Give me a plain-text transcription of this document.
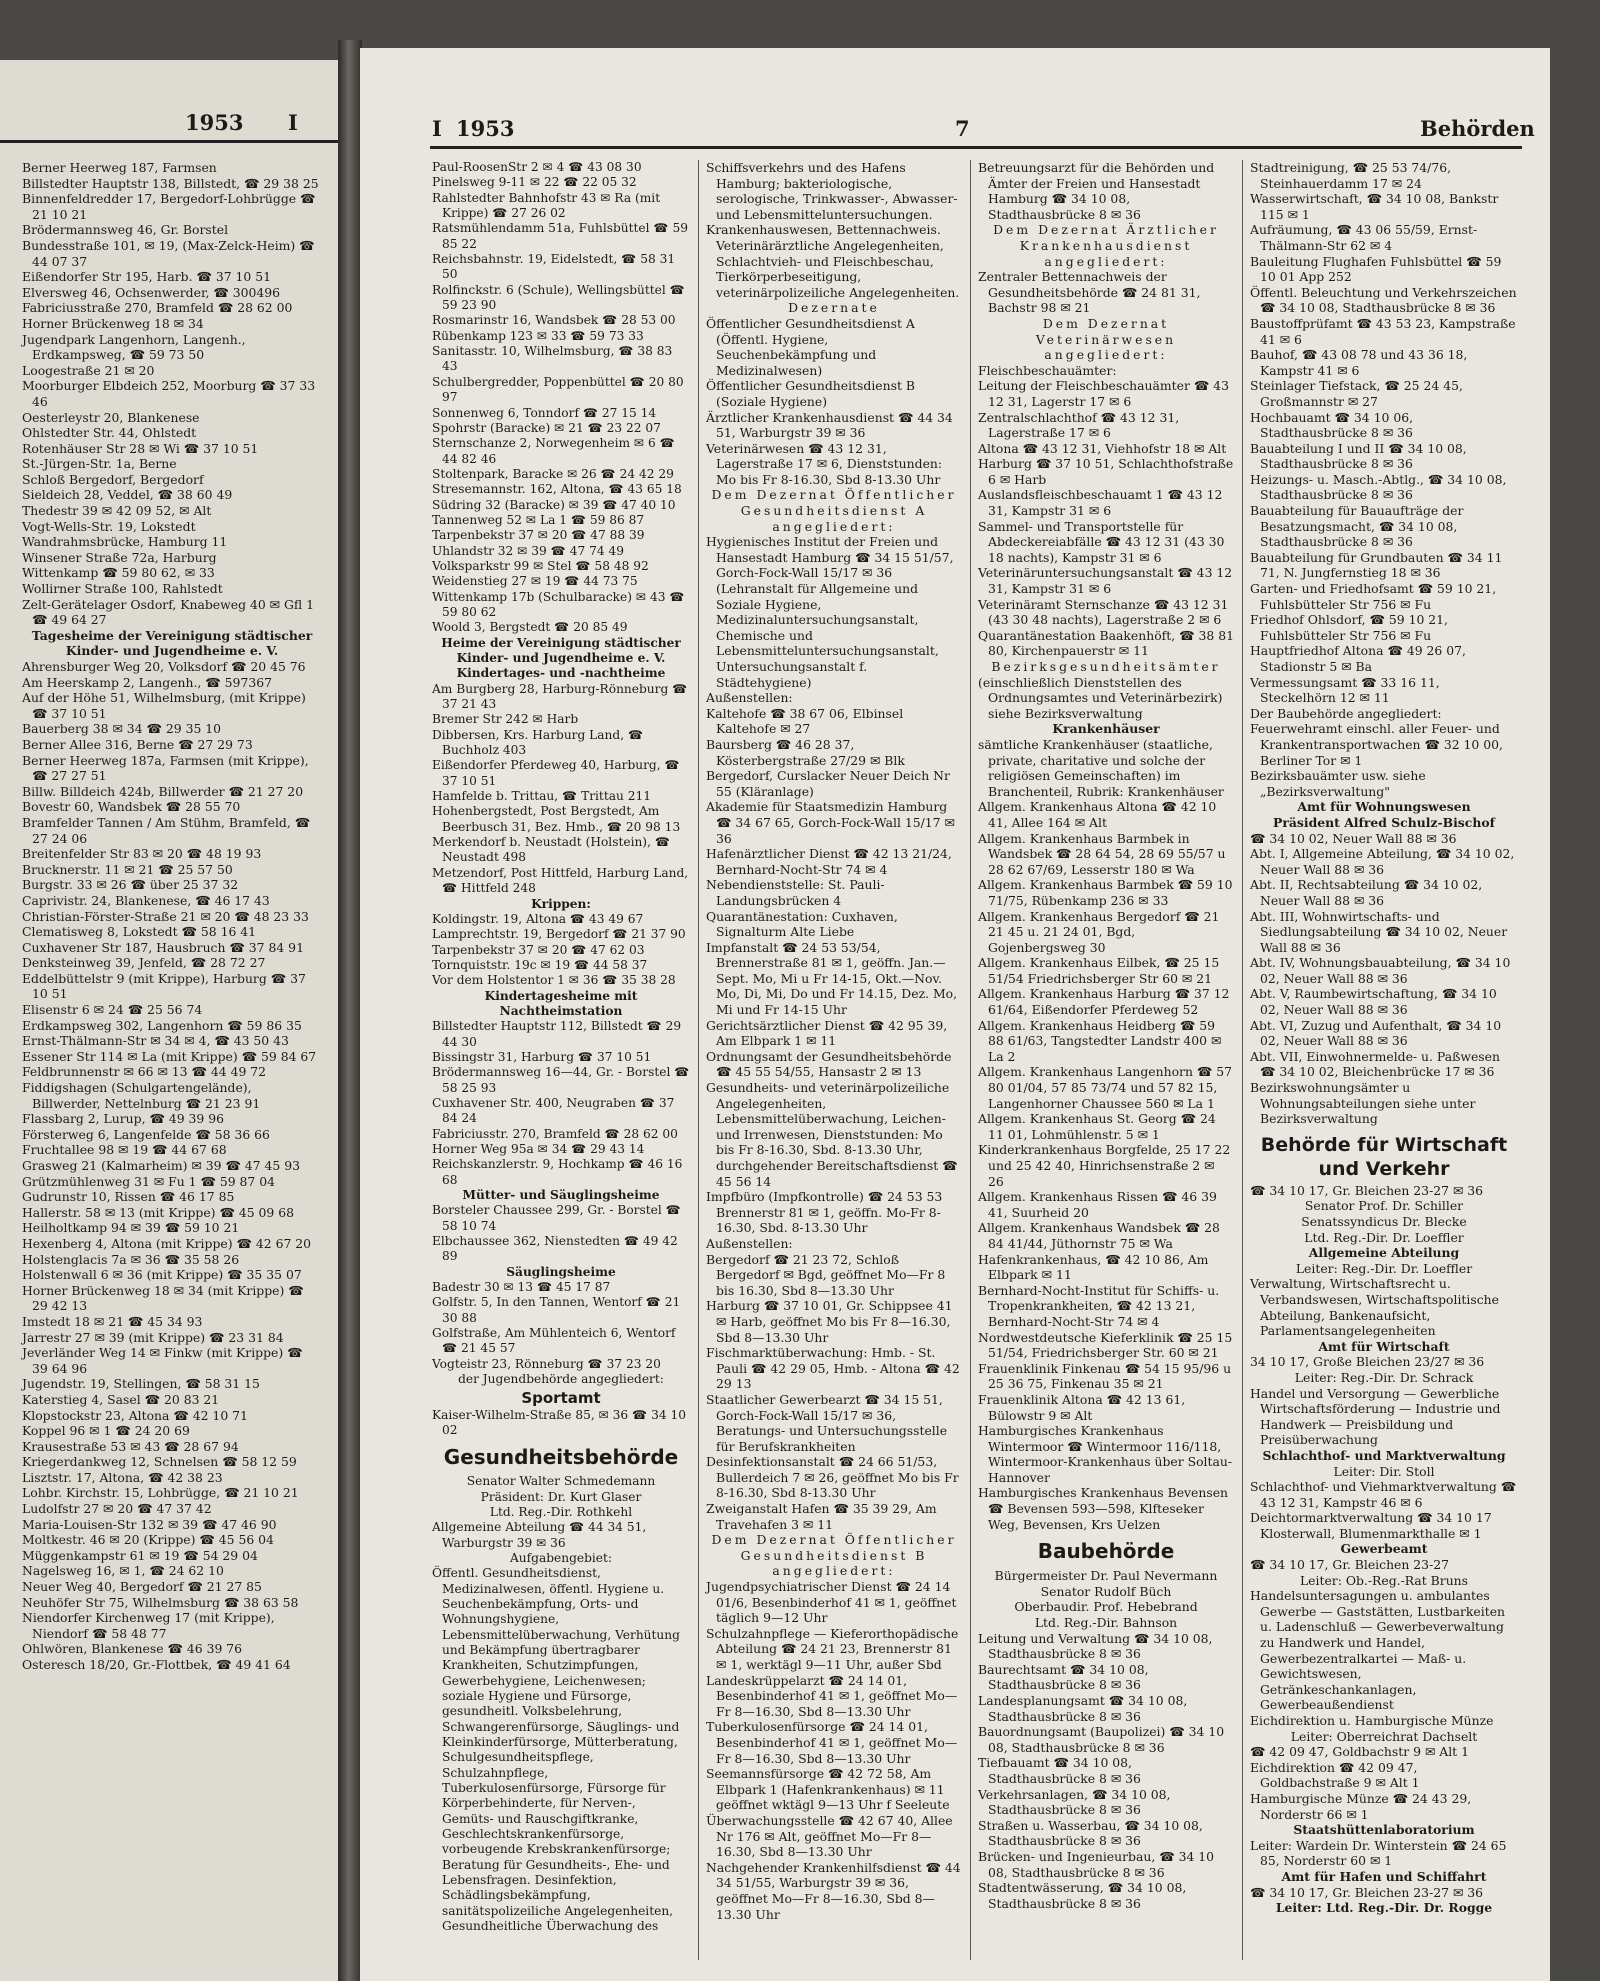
1953 I

Berner Heerweg 187, Farmsen

Billstedter Hauptstr 138, Billstedt, ☎ 29 38 25

Binnenfeldredder 17, Bergedorf-Lohbrügge ☎ 21 10 21

Brödermannsweg 46, Gr. Borstel

Bundesstraße 101, ✉ 19, (Max-Zelck-Heim) ☎ 44 07 37

Eißendorfer Str 195, Harb. ☎ 37 10 51

Elversweg 46, Ochsenwerder, ☎ 300496

Fabriciusstraße 270, Bramfeld ☎ 28 62 00

Horner Brückenweg 18 ✉ 34

Jugendpark Langenhorn, Langenh., Erdkampsweg, ☎ 59 73 50

Loogestraße 21 ✉ 20

Moorburger Elbdeich 252, Moorburg ☎ 37 33 46

Oesterleystr 20, Blankenese

Ohlstedter Str. 44, Ohlstedt

Rotenhäuser Str 28 ✉ Wi ☎ 37 10 51

St.-Jürgen-Str. 1a, Berne

Schloß Bergedorf, Bergedorf

Sieldeich 28, Veddel, ☎ 38 60 49

Thedestr 39 ✉ 42 09 52, ✉ Alt

Vogt-Wells-Str. 19, Lokstedt

Wandrahmsbrücke, Hamburg 11

Winsener Straße 72a, Harburg

Wittenkamp ☎ 59 80 62, ✉ 33

Wollirner Straße 100, Rahlstedt

Zelt-Gerätelager Osdorf, Knabeweg 40 ✉ Gfl 1 ☎ 49 64 27

Tagesheime der Vereinigung städtischer Kinder- und Jugendheime e. V.

Ahrensburger Weg 20, Volksdorf ☎ 20 45 76

Am Heerskamp 2, Langenh., ☎ 597367

Auf der Höhe 51, Wilhelmsburg, (mit Krippe) ☎ 37 10 51

Bauerberg 38 ✉ 34 ☎ 29 35 10

Berner Allee 316, Berne ☎ 27 29 73

Berner Heerweg 187a, Farmsen (mit Krippe), ☎ 27 27 51

Billw. Billdeich 424b, Billwerder ☎ 21 27 20

Bovestr 60, Wandsbek ☎ 28 55 70

Bramfelder Tannen / Am Stühm, Bramfeld, ☎ 27 24 06

Breitenfelder Str 83 ✉ 20 ☎ 48 19 93

Brucknerstr. 11 ✉ 21 ☎ 25 57 50

Burgstr. 33 ✉ 26 ☎ über 25 37 32

Caprivistr. 24, Blankenese, ☎ 46 17 43

Christian-Förster-Straße 21 ✉ 20 ☎ 48 23 33

Clematisweg 8, Lokstedt ☎ 58 16 41

Cuxhavener Str 187, Hausbruch ☎ 37 84 91

Denksteinweg 39, Jenfeld, ☎ 28 72 27

Eddelbüttelstr 9 (mit Krippe), Harburg ☎ 37 10 51

Elisenstr 6 ✉ 24 ☎ 25 56 74

Erdkampsweg 302, Langenhorn ☎ 59 86 35

Ernst-Thälmann-Str ✉ 34 ✉ 4, ☎ 43 50 43

Essener Str 114 ✉ La (mit Krippe) ☎ 59 84 67

Feldbrunnenstr ✉ 66 ✉ 13 ☎ 44 49 72

Fiddigshagen (Schulgartengelände), Billwerder, Nettelnburg ☎ 21 23 91

Flassbarg 2, Lurup, ☎ 49 39 96

Försterweg 6, Langenfelde ☎ 58 36 66

Fruchtallee 98 ✉ 19 ☎ 44 67 68

Grasweg 21 (Kalmarheim) ✉ 39 ☎ 47 45 93

Grützmühlenweg 31 ✉ Fu 1 ☎ 59 87 04

Gudrunstr 10, Rissen ☎ 46 17 85

Hallerstr. 58 ✉ 13 (mit Krippe) ☎ 45 09 68

Heilholtkamp 94 ✉ 39 ☎ 59 10 21

Hexenberg 4, Altona (mit Krippe) ☎ 42 67 20

Holstenglacis 7a ✉ 36 ☎ 35 58 26

Holstenwall 6 ✉ 36 (mit Krippe) ☎ 35 35 07

Horner Brückenweg 18 ✉ 34 (mit Krippe) ☎ 29 42 13

Imstedt 18 ✉ 21 ☎ 45 34 93

Jarrestr 27 ✉ 39 (mit Krippe) ☎ 23 31 84

Jeverländer Weg 14 ✉ Finkw (mit Krippe) ☎ 39 64 96

Jugendstr. 19, Stellingen, ☎ 58 31 15

Katerstieg 4, Sasel ☎ 20 83 21

Klopstockstr 23, Altona ☎ 42 10 71

Koppel 96 ✉ 1 ☎ 24 20 69

Krausestraße 53 ✉ 43 ☎ 28 67 94

Kriegerdankweg 12, Schnelsen ☎ 58 12 59

Lisztstr. 17, Altona, ☎ 42 38 23

Lohbr. Kirchstr. 15, Lohbrügge, ☎ 21 10 21

Ludolfstr 27 ✉ 20 ☎ 47 37 42

Maria-Louisen-Str 132 ✉ 39 ☎ 47 46 90

Moltkestr. 46 ✉ 20 (Krippe) ☎ 45 56 04

Müggenkampstr 61 ✉ 19 ☎ 54 29 04

Nagelsweg 16, ✉ 1, ☎ 24 62 10

Neuer Weg 40, Bergedorf ☎ 21 27 85

Neuhöfer Str 75, Wilhelmsburg ☎ 38 63 58

Niendorfer Kirchenweg 17 (mit Krippe), Niendorf ☎ 58 48 77

Ohlwören, Blankenese ☎ 46 39 76

Osteresch 18/20, Gr.-Flottbek, ☎ 49 41 64

I 1953	7	Behörden

Paul-RoosenStr 2 ✉ 4 ☎ 43 08 30

Pinelsweg 9-11 ✉ 22 ☎ 22 05 32

Rahlstedter Bahnhofstr 43 ✉ Ra (mit Krippe) ☎ 27 26 02

Ratsmühlendamm 51a, Fuhlsbüttel ☎ 59 85 22

Reichsbahnstr. 19, Eidelstedt, ☎ 58 31 50

Rolfinckstr. 6 (Schule), Wellingsbüttel ☎ 59 23 90

Rosmarinstr 16, Wandsbek ☎ 28 53 00

Rübenkamp 123 ✉ 33 ☎ 59 73 33

Sanitasstr. 10, Wilhelmsburg, ☎ 38 83 43

Schulbergredder, Poppenbüttel ☎ 20 80 97

Sonnenweg 6, Tonndorf ☎ 27 15 14

Spohrstr (Baracke) ✉ 21 ☎ 23 22 07

Sternschanze 2, Norwegenheim ✉ 6 ☎ 44 82 46

Stoltenpark, Baracke ✉ 26 ☎ 24 42 29

Stresemannstr. 162, Altona, ☎ 43 65 18

Südring 32 (Baracke) ✉ 39 ☎ 47 40 10

Tannenweg 52 ✉ La 1 ☎ 59 86 87

Tarpenbekstr 37 ✉ 20 ☎ 47 88 39

Uhlandstr 32 ✉ 39 ☎ 47 74 49

Volksparkstr 99 ✉ Stel ☎ 58 48 92

Weidenstieg 27 ✉ 19 ☎ 44 73 75

Wittenkamp 17b (Schulbaracke) ✉ 43 ☎ 59 80 62

Woold 3, Bergstedt ☎ 20 85 49

Heime der Vereinigung städtischer Kinder- und Jugendheime e. V. Kindertages- und -nachtheime

Am Burgberg 28, Harburg-Rönneburg ☎ 37 21 43

Bremer Str 242 ✉ Harb

Dibbersen, Krs. Harburg Land, ☎ Buchholz 403

Eißendorfer Pferdeweg 40, Harburg, ☎ 37 10 51

Hamfelde b. Trittau, ☎ Trittau 211

Hohenbergstedt, Post Bergstedt, Am Beerbusch 31, Bez. Hmb., ☎ 20 98 13

Merkendorf b. Neustadt (Holstein), ☎ Neustadt 498

Metzendorf, Post Hittfeld, Harburg Land, ☎ Hittfeld 248

Krippen:

Koldingstr. 19, Altona ☎ 43 49 67

Lamprechtstr. 19, Bergedorf ☎ 21 37 90

Tarpenbekstr 37 ✉ 20 ☎ 47 62 03

Tornquiststr. 19c ✉ 19 ☎ 44 58 37

Vor dem Holstentor 1 ✉ 36 ☎ 35 38 28

Kindertagesheime mit Nachtheimstation

Billstedter Hauptstr 112, Billstedt ☎ 29 44 30

Bissingstr 31, Harburg ☎ 37 10 51

Brödermannsweg 16—44, Gr. - Borstel ☎ 58 25 93

Cuxhavener Str. 400, Neugraben ☎ 37 84 24

Fabriciusstr. 270, Bramfeld ☎ 28 62 00

Horner Weg 95a ✉ 34 ☎ 29 43 14

Reichskanzlerstr. 9, Hochkamp ☎ 46 16 68

Mütter- und Säuglingsheime

Borsteler Chaussee 299, Gr. - Borstel ☎ 58 10 74

Elbchaussee 362, Nienstedten ☎ 49 42 89

Säuglingsheime

Badestr 30 ✉ 13 ☎ 45 17 87

Golfstr. 5, In den Tannen, Wentorf ☎ 21 30 88

Golfstraße, Am Mühlenteich 6, Wentorf ☎ 21 45 57

Vogteistr 23, Rönneburg ☎ 37 23 20

der Jugendbehörde angegliedert:

Sportamt

Kaiser-Wilhelm-Straße 85, ✉ 36 ☎ 34 10 02

Gesundheitsbehörde

Senator Walter Schmedemann

Präsident: Dr. Kurt Glaser

Ltd. Reg.-Dir. Rothkehl

Allgemeine Abteilung ☎ 44 34 51, Warburgstr 39 ✉ 36

Aufgabengebiet:

Öffentl. Gesundheitsdienst, Medizinalwesen, öffentl. Hygiene u. Seuchenbekämpfung, Orts- und Wohnungshygiene, Lebensmittelüberwachung, Verhütung und Bekämpfung übertragbarer Krankheiten, Schutzimpfungen, Gewerbehygiene, Leichenwesen; soziale Hygiene und Fürsorge, gesundheitl. Volksbelehrung, Schwangerenfürsorge, Säuglings- und Kleinkinderfürsorge, Mütterberatung, Schulgesundheitspflege, Schulzahnpflege, Tuberkulosenfürsorge, Fürsorge für Körperbehinderte, für Nerven-, Gemüts- und Rauschgiftkranke, Geschlechtskrankenfürsorge, vorbeugende Krebskrankenfürsorge; Beratung für Gesundheits-, Ehe- und Lebensfragen. Desinfektion, Schädlingsbekämpfung, sanitätspolizeiliche Angelegenheiten, Gesundheitliche Überwachung des

Schiffsverkehrs und des Hafens Hamburg; bakteriologische, serologische, Trinkwasser-, Abwasser- und Lebensmitteluntersuchungen.

Krankenhauswesen, Bettennachweis. Veterinärärztliche Angelegenheiten, Schlachtvieh- und Fleischbeschau, Tierkörperbeseitigung, veterinärpolizeiliche Angelegenheiten.

Dezernate

Öffentlicher Gesundheitsdienst A (Öffentl. Hygiene, Seuchenbekämpfung und Medizinalwesen)

Öffentlicher Gesundheitsdienst B (Soziale Hygiene)

Ärztlicher Krankenhausdienst ☎ 44 34 51, Warburgstr 39 ✉ 36

Veterinärwesen ☎ 43 12 31, Lagerstraße 17 ✉ 6, Dienststunden: Mo bis Fr 8-16.30, Sbd 8-13.30 Uhr

Dem Dezernat Öffentlicher Gesundheitsdienst A angegliedert:

Hygienisches Institut der Freien und Hansestadt Hamburg ☎ 34 15 51/57, Gorch-Fock-Wall 15/17 ✉ 36 (Lehranstalt für Allgemeine und Soziale Hygiene, Medizinaluntersuchungsanstalt, Chemische und Lebensmitteluntersuchungsanstalt, Untersuchungsanstalt f. Städtehygiene)

Außenstellen:

Kaltehofe ☎ 38 67 06, Elbinsel Kaltehofe ✉ 27

Baursberg ☎ 46 28 37, Kösterbergstraße 27/29 ✉ Blk

Bergedorf, Curslacker Neuer Deich Nr 55 (Kläranlage)

Akademie für Staatsmedizin Hamburg ☎ 34 67 65, Gorch-Fock-Wall 15/17 ✉ 36

Hafenärztlicher Dienst ☎ 42 13 21/24, Bernhard-Nocht-Str 74 ✉ 4

Nebendienststelle: St. Pauli-Landungsbrücken 4

Quarantänestation: Cuxhaven, Signalturm Alte Liebe

Impfanstalt ☎ 24 53 53/54, Brennerstraße 81 ✉ 1, geöffn. Jan.—Sept. Mo, Mi u Fr 14-15, Okt.—Nov. Mo, Di, Mi, Do und Fr 14.15, Dez. Mo, Mi und Fr 14-15 Uhr

Gerichtsärztlicher Dienst ☎ 42 95 39, Am Elbpark 1 ✉ 11

Ordnungsamt der Gesundheitsbehörde ☎ 45 55 54/55, Hansastr 2 ✉ 13

Gesundheits- und veterinärpolizeiliche Angelegenheiten, Lebensmittelüberwachung, Leichen- und Irrenwesen, Dienststunden: Mo bis Fr 8-16.30, Sbd. 8-13.30 Uhr, durchgehender Bereitschaftsdienst ☎ 45 56 14

Impfbüro (Impfkontrolle) ☎ 24 53 53 Brennerstr 81 ✉ 1, geöffn. Mo-Fr 8-16.30, Sbd. 8-13.30 Uhr

Außenstellen:

Bergedorf ☎ 21 23 72, Schloß Bergedorf ✉ Bgd, geöffnet Mo—Fr 8 bis 16.30, Sbd 8—13.30 Uhr

Harburg ☎ 37 10 01, Gr. Schippsee 41 ✉ Harb, geöffnet Mo bis Fr 8—16.30, Sbd 8—13.30 Uhr

Fischmarktüberwachung: Hmb. - St. Pauli ☎ 42 29 05, Hmb. - Altona ☎ 42 29 13

Staatlicher Gewerbearzt ☎ 34 15 51, Gorch-Fock-Wall 15/17 ✉ 36, Beratungs- und Untersuchungsstelle für Berufskrankheiten

Desinfektionsanstalt ☎ 24 66 51/53, Bullerdeich 7 ✉ 26, geöffnet Mo bis Fr 8-16.30, Sbd 8-13.30 Uhr

Zweiganstalt Hafen ☎ 35 39 29, Am Travehafen 3 ✉ 11

Dem Dezernat Öffentlicher Gesundheitsdienst B angegliedert:

Jugendpsychiatrischer Dienst ☎ 24 14 01/6, Besenbinderhof 41 ✉ 1, geöffnet täglich 9—12 Uhr

Schulzahnpflege — Kieferorthopädische Abteilung ☎ 24 21 23, Brennerstr 81 ✉ 1, werktägl 9—11 Uhr, außer Sbd

Landeskrüppelarzt ☎ 24 14 01, Besenbinderhof 41 ✉ 1, geöffnet Mo—Fr 8—16.30, Sbd 8—13.30 Uhr

Tuberkulosenfürsorge ☎ 24 14 01, Besenbinderhof 41 ✉ 1, geöffnet Mo—Fr 8—16.30, Sbd 8—13.30 Uhr

Seemannsfürsorge ☎ 42 72 58, Am Elbpark 1 (Hafenkrankenhaus) ✉ 11 geöffnet wktägl 9—13 Uhr f Seeleute

Überwachungsstelle ☎ 42 67 40, Allee Nr 176 ✉ Alt, geöffnet Mo—Fr 8—16.30, Sbd 8—13.30 Uhr

Nachgehender Krankenhilfsdienst ☎ 44 34 51/55, Warburgstr 39 ✉ 36, geöffnet Mo—Fr 8—16.30, Sbd 8—13.30 Uhr

Betreuungsarzt für die Behörden und Ämter der Freien und Hansestadt Hamburg ☎ 34 10 08, Stadthausbrücke 8 ✉ 36

Dem Dezernat Ärztlicher Krankenhausdienst angegliedert:

Zentraler Bettennachweis der Gesundheitsbehörde ☎ 24 81 31, Bachstr 98 ✉ 21

Dem Dezernat Veterinärwesen angegliedert:

Fleischbeschauämter:

Leitung der Fleischbeschauämter ☎ 43 12 31, Lagerstr 17 ✉ 6

Zentralschlachthof ☎ 43 12 31, Lagerstraße 17 ✉ 6

Altona ☎ 43 12 31, Viehhofstr 18 ✉ Alt

Harburg ☎ 37 10 51, Schlachthofstraße 6 ✉ Harb

Auslandsfleischbeschauamt 1 ☎ 43 12 31, Kampstr 31 ✉ 6

Sammel- und Transportstelle für Abdeckereiabfälle ☎ 43 12 31 (43 30 18 nachts), Kampstr 31 ✉ 6

Veterinäruntersuchungsanstalt ☎ 43 12 31, Kampstr 31 ✉ 6

Veterinäramt Sternschanze ☎ 43 12 31 (43 30 48 nachts), Lagerstraße 2 ✉ 6

Quarantänestation Baakenhöft, ☎ 38 81 80, Kirchenpauerstr ✉ 11

Bezirksgesundheitsämter

(einschließlich Dienststellen des Ordnungsamtes und Veterinärbezirk) siehe Bezirksverwaltung

Krankenhäuser

sämtliche Krankenhäuser (staatliche, private, charitative und solche der religiösen Gemeinschaften) im Branchenteil, Rubrik: Krankenhäuser

Allgem. Krankenhaus Altona ☎ 42 10 41, Allee 164 ✉ Alt

Allgem. Krankenhaus Barmbek in Wandsbek ☎ 28 64 54, 28 69 55/57 u 28 62 67/69, Lesserstr 180 ✉ Wa

Allgem. Krankenhaus Barmbek ☎ 59 10 71/75, Rübenkamp 236 ✉ 33

Allgem. Krankenhaus Bergedorf ☎ 21 21 45 u. 21 24 01, Bgd, Gojenbergsweg 30

Allgem. Krankenhaus Eilbek, ☎ 25 15 51/54 Friedrichsberger Str 60 ✉ 21

Allgem. Krankenhaus Harburg ☎ 37 12 61/64, Eißendorfer Pferdeweg 52

Allgem. Krankenhaus Heidberg ☎ 59 88 61/63, Tangstedter Landstr 400 ✉ La 2

Allgem. Krankenhaus Langenhorn ☎ 57 80 01/04, 57 85 73/74 und 57 82 15, Langenhorner Chaussee 560 ✉ La 1

Allgem. Krankenhaus St. Georg ☎ 24 11 01, Lohmühlenstr. 5 ✉ 1

Kinderkrankenhaus Borgfelde, 25 17 22 und 25 42 40, Hinrichsenstraße 2 ✉ 26

Allgem. Krankenhaus Rissen ☎ 46 39 41, Suurheid 20

Allgem. Krankenhaus Wandsbek ☎ 28 84 41/44, Jüthornstr 75 ✉ Wa

Hafenkrankenhaus, ☎ 42 10 86, Am Elbpark ✉ 11

Bernhard-Nocht-Institut für Schiffs- u. Tropenkrankheiten, ☎ 42 13 21, Bernhard-Nocht-Str 74 ✉ 4

Nordwestdeutsche Kieferklinik ☎ 25 15 51/54, Friedrichsberger Str. 60 ✉ 21

Frauenklinik Finkenau ☎ 54 15 95/96 u 25 36 75, Finkenau 35 ✉ 21

Frauenklinik Altona ☎ 42 13 61, Bülowstr 9 ✉ Alt

Hamburgisches Krankenhaus Wintermoor ☎ Wintermoor 116/118, Wintermoor-Krankenhaus über Soltau-Hannover

Hamburgisches Krankenhaus Bevensen ☎ Bevensen 593—598, Klfteseker Weg, Bevensen, Krs Uelzen

Baubehörde

Bürgermeister Dr. Paul Nevermann

Senator Rudolf Büch

Oberbaudir. Prof. Hebebrand

Ltd. Reg.-Dir. Bahnson

Leitung und Verwaltung ☎ 34 10 08, Stadthausbrücke 8 ✉ 36

Baurechtsamt ☎ 34 10 08, Stadthausbrücke 8 ✉ 36

Landesplanungsamt ☎ 34 10 08, Stadthausbrücke 8 ✉ 36

Bauordnungsamt (Baupolizei) ☎ 34 10 08, Stadthausbrücke 8 ✉ 36

Tiefbauamt ☎ 34 10 08, Stadthausbrücke 8 ✉ 36

Verkehrsanlagen, ☎ 34 10 08, Stadthausbrücke 8 ✉ 36

Straßen u. Wasserbau, ☎ 34 10 08, Stadthausbrücke 8 ✉ 36

Brücken- und Ingenieurbau, ☎ 34 10 08, Stadthausbrücke 8 ✉ 36

Stadtentwässerung, ☎ 34 10 08, Stadthausbrücke 8 ✉ 36

Stadtreinigung, ☎ 25 53 74/76, Steinhauerdamm 17 ✉ 24

Wasserwirtschaft, ☎ 34 10 08, Bankstr 115 ✉ 1

Aufräumung, ☎ 43 06 55/59, Ernst-Thälmann-Str 62 ✉ 4

Bauleitung Flughafen Fuhlsbüttel ☎ 59 10 01 App 252

Öffentl. Beleuchtung und Verkehrszeichen ☎ 34 10 08, Stadthausbrücke 8 ✉ 36

Baustoffprüfamt ☎ 43 53 23, Kampstraße 41 ✉ 6

Bauhof, ☎ 43 08 78 und 43 36 18, Kampstr 41 ✉ 6

Steinlager Tiefstack, ☎ 25 24 45, Großmannstr ✉ 27

Hochbauamt ☎ 34 10 06, Stadthausbrücke 8 ✉ 36

Bauabteilung I und II ☎ 34 10 08, Stadthausbrücke 8 ✉ 36

Heizungs- u. Masch.-Abtlg., ☎ 34 10 08, Stadthausbrücke 8 ✉ 36

Bauabteilung für Bauaufträge der Besatzungsmacht, ☎ 34 10 08, Stadthausbrücke 8 ✉ 36

Bauabteilung für Grundbauten ☎ 34 11 71, N. Jungfernstieg 18 ✉ 36

Garten- und Friedhofsamt ☎ 59 10 21, Fuhlsbütteler Str 756 ✉ Fu

Friedhof Ohlsdorf, ☎ 59 10 21, Fuhlsbütteler Str 756 ✉ Fu

Hauptfriedhof Altona ☎ 49 26 07, Stadionstr 5 ✉ Ba

Vermessungsamt ☎ 33 16 11, Steckelhörn 12 ✉ 11

Der Baubehörde angegliedert:

Feuerwehramt einschl. aller Feuer- und Krankentransportwachen ☎ 32 10 00, Berliner Tor ✉ 1

Bezirksbauämter usw. siehe „Bezirksverwaltung"

Amt für Wohnungswesen

Präsident Alfred Schulz-Bischof

☎ 34 10 02, Neuer Wall 88 ✉ 36

Abt. I, Allgemeine Abteilung, ☎ 34 10 02, Neuer Wall 88 ✉ 36

Abt. II, Rechtsabteilung ☎ 34 10 02, Neuer Wall 88 ✉ 36

Abt. III, Wohnwirtschafts- und Siedlungsabteilung ☎ 34 10 02, Neuer Wall 88 ✉ 36

Abt. IV, Wohnungsbauabteilung, ☎ 34 10 02, Neuer Wall 88 ✉ 36

Abt. V, Raumbewirtschaftung, ☎ 34 10 02, Neuer Wall 88 ✉ 36

Abt. VI, Zuzug und Aufenthalt, ☎ 34 10 02, Neuer Wall 88 ✉ 36

Abt. VII, Einwohnermelde- u. Paßwesen ☎ 34 10 02, Bleichenbrücke 17 ✉ 36

Bezirkswohnungsämter u Wohnungsabteilungen siehe unter Bezirksverwaltung

Behörde für Wirtschaft und Verkehr

☎ 34 10 17, Gr. Bleichen 23-27 ✉ 36

Senator Prof. Dr. Schiller

Senatssyndicus Dr. Blecke

Ltd. Reg.-Dir. Dr. Loeffler

Allgemeine Abteilung

Leiter: Reg.-Dir. Dr. Loeffler

Verwaltung, Wirtschaftsrecht u. Verbandswesen, Wirtschaftspolitische Abteilung, Bankenaufsicht, Parlamentsangelegenheiten

Amt für Wirtschaft

34 10 17, Große Bleichen 23/27 ✉ 36

Leiter: Reg.-Dir. Dr. Schrack

Handel und Versorgung — Gewerbliche Wirtschaftsförderung — Industrie und Handwerk — Preisbildung und Preisüberwachung

Schlachthof- und Marktverwaltung

Leiter: Dir. Stoll

Schlachthof- und Viehmarktverwaltung ☎ 43 12 31, Kampstr 46 ✉ 6

Deichtormarktverwaltung ☎ 34 10 17 Klosterwall, Blumenmarkthalle ✉ 1

Gewerbeamt

☎ 34 10 17, Gr. Bleichen 23-27

Leiter: Ob.-Reg.-Rat Bruns

Handelsuntersagungen u. ambulantes Gewerbe — Gaststätten, Lustbarkeiten u. Ladenschluß — Gewerbeverwaltung zu Handwerk und Handel, Gewerbezentralkartei — Maß- u. Gewichtswesen, Getränkeschankanlagen, Gewerbeaußendienst

Eichdirektion u. Hamburgische Münze

Leiter: Oberreichrat Dachselt

☎ 42 09 47, Goldbachstr 9 ✉ Alt 1

Eichdirektion ☎ 42 09 47, Goldbachstraße 9 ✉ Alt 1

Hamburgische Münze ☎ 24 43 29, Norderstr 66 ✉ 1

Staatshüttenlaboratorium

Leiter: Wardein Dr. Winterstein ☎ 24 65 85, Norderstr 60 ✉ 1

Amt für Hafen und Schiffahrt

☎ 34 10 17, Gr. Bleichen 23-27 ✉ 36

Leiter: Ltd. Reg.-Dir. Dr. Rogge
